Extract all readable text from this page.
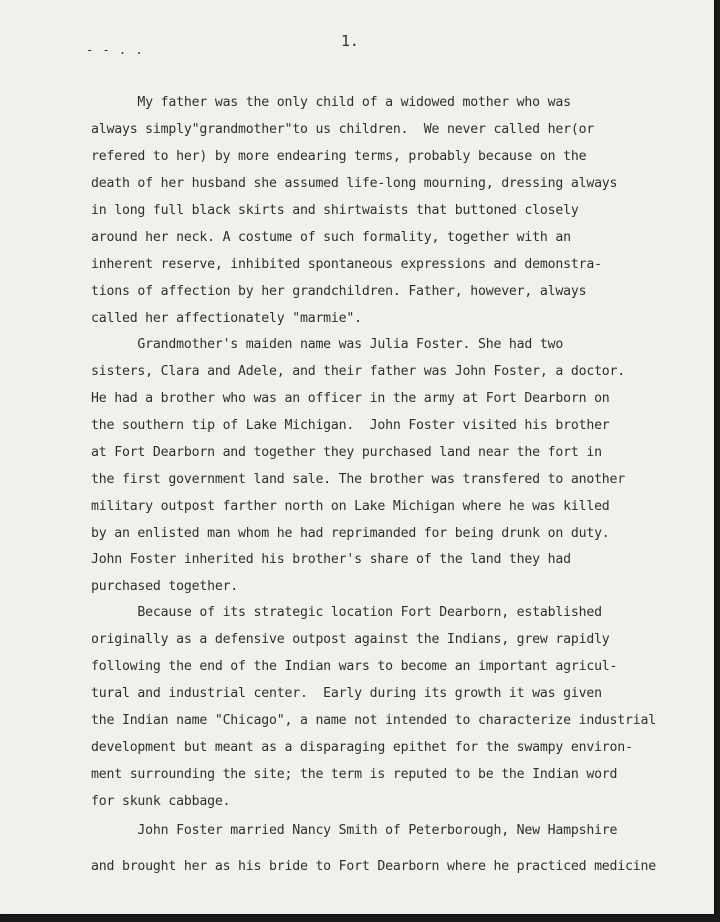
- - . .	1.
My father was the only child of a widowed mother who was
always simply"grandmother"to us children.  We never called her(or
refered to her) by more endearing terms, probably because on the
death of her husband she assumed life-long mourning, dressing always
in long full black skirts and shirtwaists that buttoned closely
around her neck. A costume of such formality, together with an
inherent reserve, inhibited spontaneous expressions and demonstra-
tions of affection by her grandchildren. Father, however, always
called her affectionately "marmie".
Grandmother's maiden name was Julia Foster. She had two
sisters, Clara and Adele, and their father was John Foster, a doctor.
He had a brother who was an officer in the army at Fort Dearborn on
the southern tip of Lake Michigan.  John Foster visited his brother
at Fort Dearborn and together they purchased land near the fort in
the first government land sale. The brother was transfered to another
military outpost farther north on Lake Michigan where he was killed
by an enlisted man whom he had reprimanded for being drunk on duty.
John Foster inherited his brother's share of the land they had
purchased together.
Because of its strategic location Fort Dearborn, established
originally as a defensive outpost against the Indians, grew rapidly
following the end of the Indian wars to become an important agricul-
tural and industrial center.  Early during its growth it was given
the Indian name "Chicago", a name not intended to characterize industrial
development but meant as a disparaging epithet for the swampy environ-
ment surrounding the site; the term is reputed to be the Indian word
for skunk cabbage.
John Foster married Nancy Smith of Peterborough, New Hampshire
and brought her as his bride to Fort Dearborn where he practiced medicine
